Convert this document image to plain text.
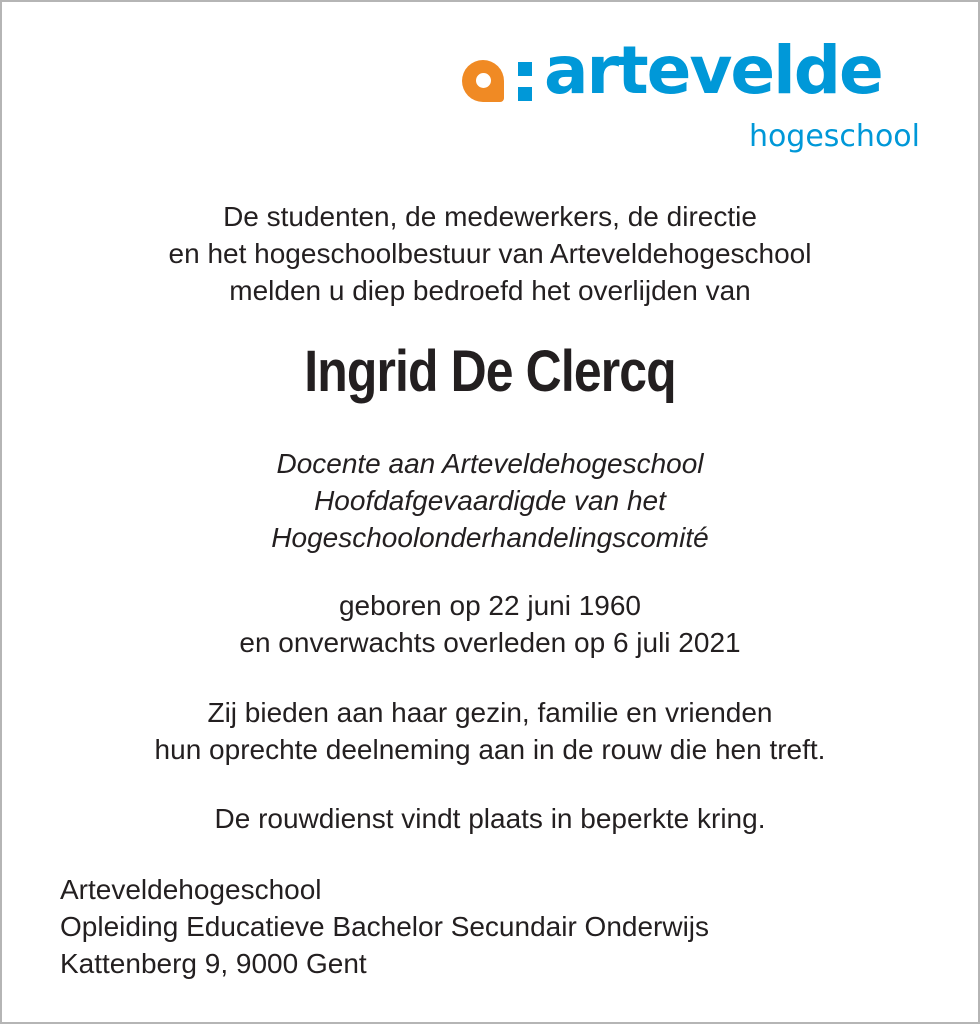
artevelde
hogeschool
De studenten, de medewerkers, de directie
en het hogeschoolbestuur van Arteveldehogeschool
melden u diep bedroefd het overlijden van
Ingrid De Clercq
Docente aan Arteveldehogeschool
Hoofdafgevaardigde van het
Hogeschoolonderhandelingscomité
geboren op 22 juni 1960
en onverwachts overleden op 6 juli 2021
Zij bieden aan haar gezin, familie en vrienden
hun oprechte deelneming aan in de rouw die hen treft.
De rouwdienst vindt plaats in beperkte kring.
Arteveldehogeschool
Opleiding Educatieve Bachelor Secundair Onderwijs
Kattenberg 9, 9000 Gent
